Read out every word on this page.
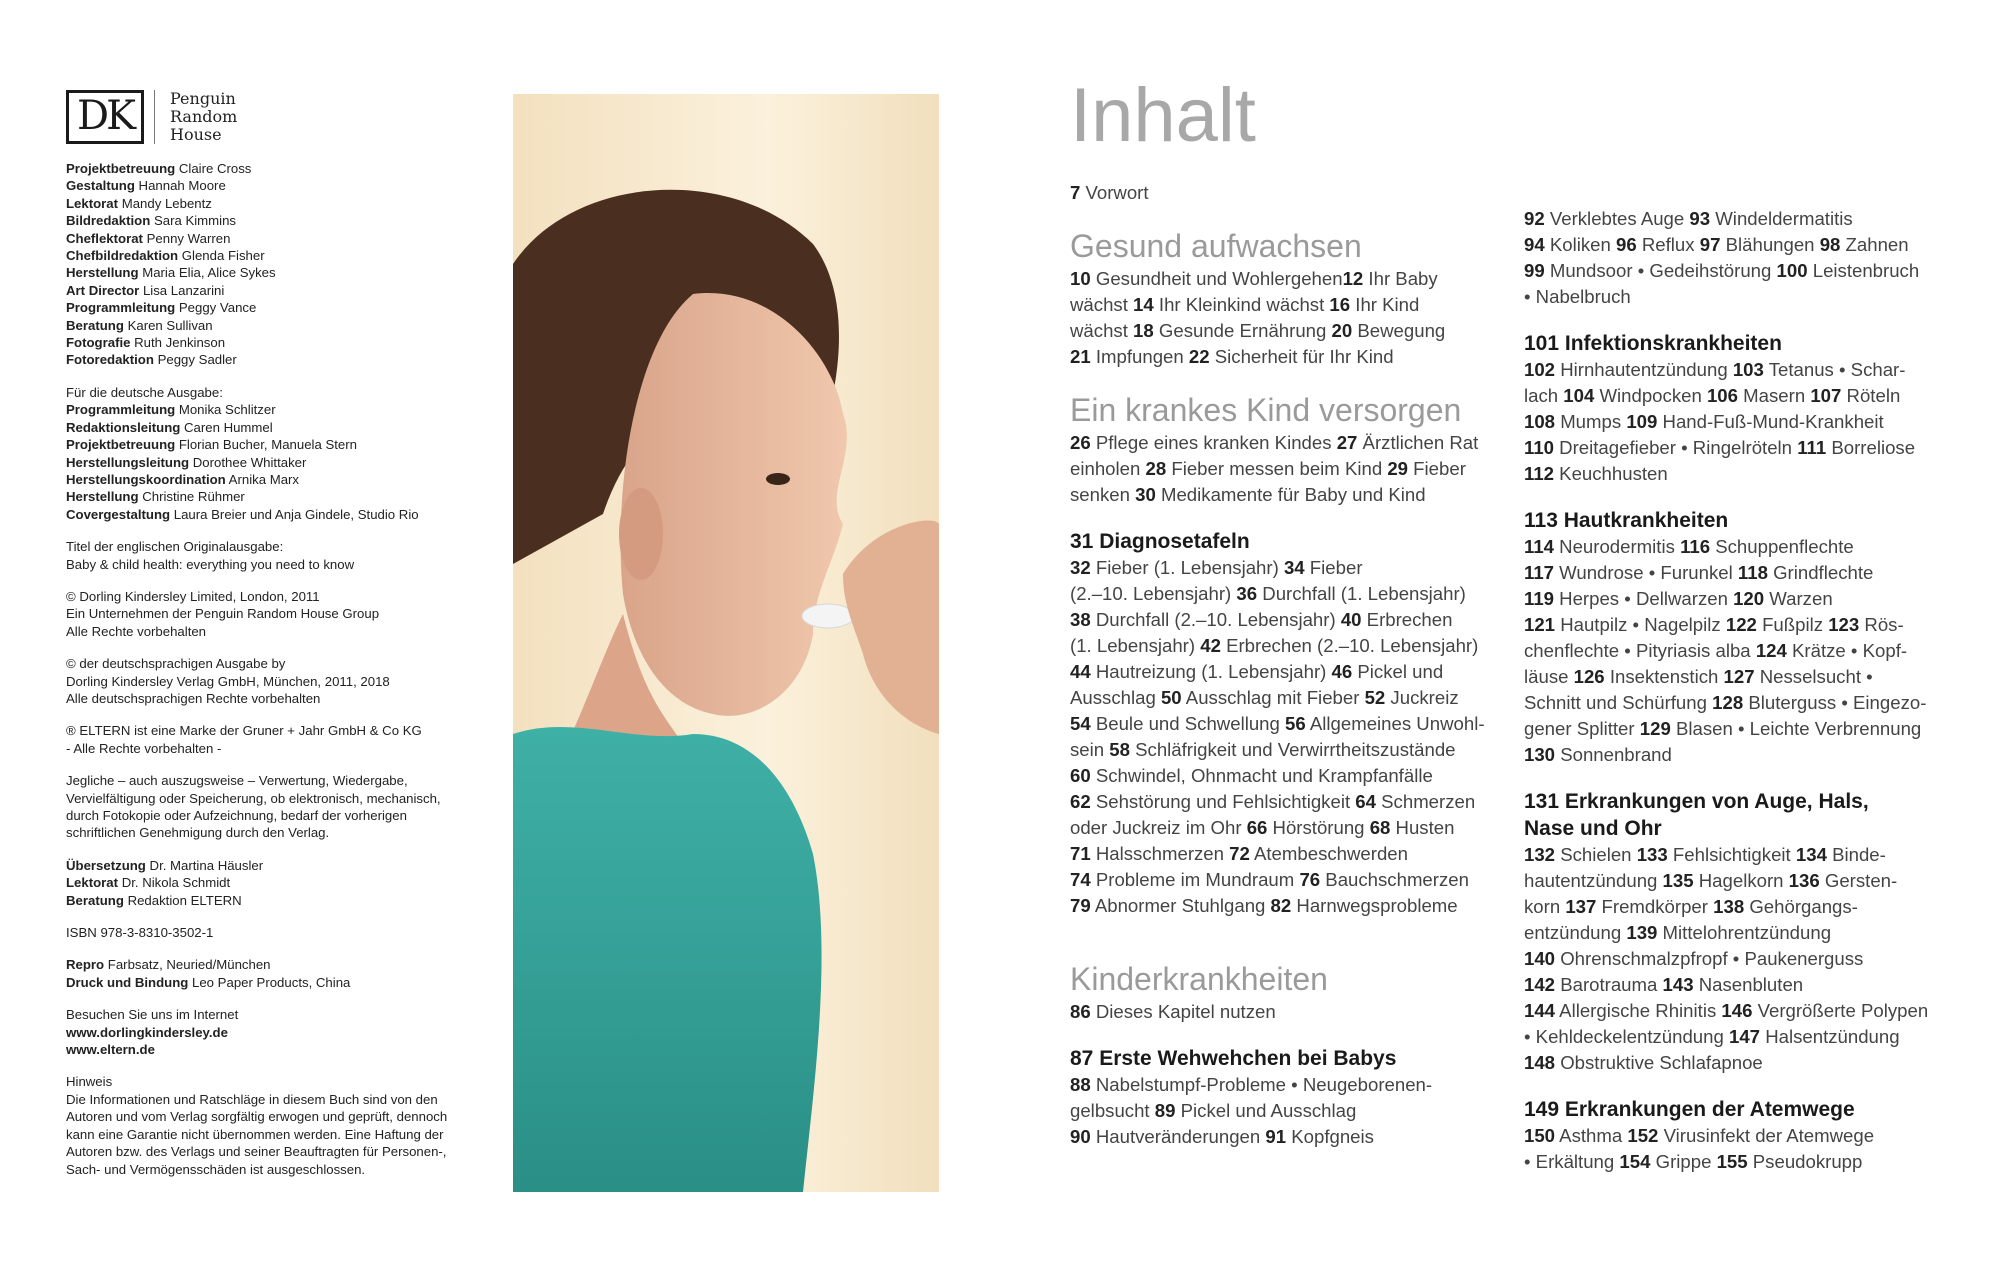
DK	Penguin
Random
House
Projektbetreuung Claire Cross
Gestaltung Hannah Moore
Lektorat Mandy Lebentz
Bildredaktion Sara Kimmins
Cheflektorat Penny Warren
Chefbildredaktion Glenda Fisher
Herstellung Maria Elia, Alice Sykes
Art Director Lisa Lanzarini
Programmleitung Peggy Vance
Beratung Karen Sullivan
Fotografie Ruth Jenkinson
Fotoredaktion Peggy Sadler
Für die deutsche Ausgabe:
Programmleitung Monika Schlitzer
Redaktionsleitung Caren Hummel
Projektbetreuung Florian Bucher, Manuela Stern
Herstellungsleitung Dorothee Whittaker
Herstellungskoordination Arnika Marx
Herstellung Christine Rühmer
Covergestaltung Laura Breier und Anja Gindele, Studio Rio
Titel der englischen Originalausgabe:
Baby & child health: everything you need to know
© Dorling Kindersley Limited, London, 2011
Ein Unternehmen der Penguin Random House Group
Alle Rechte vorbehalten
© der deutschsprachigen Ausgabe by
Dorling Kindersley Verlag GmbH, München, 2011, 2018
Alle deutschsprachigen Rechte vorbehalten
® ELTERN ist eine Marke der Gruner + Jahr GmbH & Co KG
- Alle Rechte vorbehalten -
Jegliche – auch auszugsweise – Verwertung, Wiedergabe,
Vervielfältigung oder Speicherung, ob elektronisch, mechanisch,
durch Fotokopie oder Aufzeichnung, bedarf der vorherigen
schriftlichen Genehmigung durch den Verlag.
Übersetzung Dr. Martina Häusler
Lektorat Dr. Nikola Schmidt
Beratung Redaktion ELTERN
ISBN 978-3-8310-3502-1
Repro Farbsatz, Neuried/München
Druck und Bindung Leo Paper Products, China
Besuchen Sie uns im Internet
www.dorlingkindersley.de
www.eltern.de
Hinweis
Die Informationen und Ratschläge in diesem Buch sind von den
Autoren und vom Verlag sorgfältig erwogen und geprüft, dennoch
kann eine Garantie nicht übernommen werden. Eine Haftung der
Autoren bzw. des Verlags und seiner Beauftragten für Personen-,
Sach- und Vermögensschäden ist ausgeschlossen.
Inhalt
7 Vorwort
Gesund aufwachsen
10 Gesundheit und Wohlergehen12 Ihr Baby
wächst 14 Ihr Kleinkind wächst 16 Ihr Kind
wächst 18 Gesunde Ernährung 20 Bewegung
21 Impfungen 22 Sicherheit für Ihr Kind
Ein krankes Kind versorgen
26 Pflege eines kranken Kindes 27 Ärztlichen Rat
einholen 28 Fieber messen beim Kind 29 Fieber
senken 30 Medikamente für Baby und Kind
31 Diagnosetafeln
32 Fieber (1. Lebensjahr) 34 Fieber
(2.–10. Lebensjahr) 36 Durchfall (1. Lebensjahr)
38 Durchfall (2.–10. Lebensjahr) 40 Erbrechen
(1. Lebensjahr) 42 Erbrechen (2.–10. Lebensjahr)
44 Hautreizung (1. Lebensjahr) 46 Pickel und
Ausschlag 50 Ausschlag mit Fieber 52 Juckreiz
54 Beule und Schwellung 56 Allgemeines Unwohl-
sein 58 Schläfrigkeit und Verwirrtheitszustände
60 Schwindel, Ohnmacht und Krampfanfälle
62 Sehstörung und Fehlsichtigkeit 64 Schmerzen
oder Juckreiz im Ohr 66 Hörstörung 68 Husten
71 Halsschmerzen 72 Atembeschwerden
74 Probleme im Mundraum 76 Bauchschmerzen
79 Abnormer Stuhlgang 82 Harnwegsprobleme
Kinderkrankheiten
86 Dieses Kapitel nutzen
87 Erste Wehwehchen bei Babys
88 Nabelstumpf-Probleme • Neugeborenen-
gelbsucht 89 Pickel und Ausschlag
90 Hautveränderungen 91 Kopfgneis
92 Verklebtes Auge 93 Windeldermatitis
94 Koliken 96 Reflux 97 Blähungen 98 Zahnen
99 Mundsoor • Gedeihstörung 100 Leistenbruch
• Nabelbruch
101 Infektionskrankheiten
102 Hirnhautentzündung 103 Tetanus • Schar-
lach 104 Windpocken 106 Masern 107 Röteln
108 Mumps 109 Hand-Fuß-Mund-Krankheit
110 Dreitagefieber • Ringelröteln 111 Borreliose
112 Keuchhusten
113 Hautkrankheiten
114 Neurodermitis 116 Schuppenflechte
117 Wundrose • Furunkel 118 Grindflechte
119 Herpes • Dellwarzen 120 Warzen
121 Hautpilz • Nagelpilz 122 Fußpilz 123 Rös-
chenflechte • Pityriasis alba 124 Krätze • Kopf-
läuse 126 Insektenstich 127 Nesselsucht •
Schnitt und Schürfung 128 Bluterguss • Eingezo-
gener Splitter 129 Blasen • Leichte Verbrennung
130 Sonnenbrand
131 Erkrankungen von Auge, Hals,
Nase und Ohr
132 Schielen 133 Fehlsichtigkeit 134 Binde-
hautentzündung 135 Hagelkorn 136 Gersten-
korn 137 Fremdkörper 138 Gehörgangs-
entzündung 139 Mittelohrentzündung
140 Ohrenschmalzpfropf • Paukenerguss
142 Barotrauma 143 Nasenbluten
144 Allergische Rhinitis 146 Vergrößerte Polypen
• Kehldeckelentzündung 147 Halsentzündung
148 Obstruktive Schlafapnoe
149 Erkrankungen der Atemwege
150 Asthma 152 Virusinfekt der Atemwege
• Erkältung 154 Grippe 155 Pseudokrupp
